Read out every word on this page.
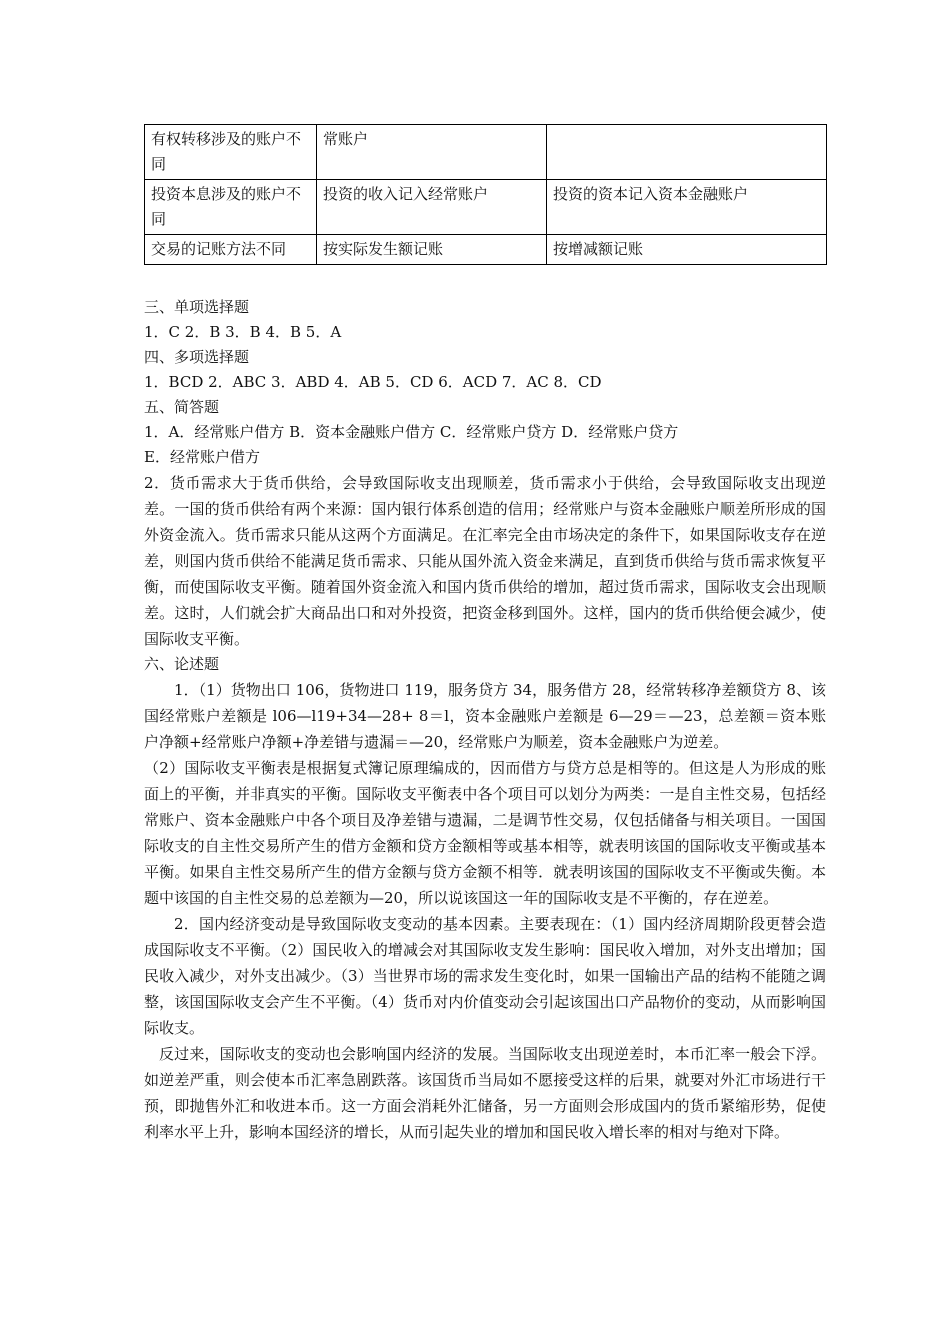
有权转移涉及的账户不同	常账户	
投资本息涉及的账户不同	投资的收入记入经常账户	投资的资本记入资本金融账户
交易的记账方法不同	按实际发生额记账	按增减额记账

三、单项选择题

1．C 2．B 3．B 4．B 5．A

四、多项选择题

1．BCD 2．ABC 3．ABD 4．AB 5．CD 6．ACD 7．AC 8．CD

五、简答题

1．A．经常账户借方 B．资本金融账户借方 C．经常账户贷方 D．经常账户贷方

E．经常账户借方

2．货币需求大于货币供给，会导致国际收支出现顺差，货币需求小于供给，会导致国际收支出现逆差。一国的货币供给有两个来源：国内银行体系创造的信用；经常账户与资本金融账户顺差所形成的国外资金流入。货币需求只能从这两个方面满足。在汇率完全由市场决定的条件下，如果国际收支存在逆差，则国内货币供给不能满足货币需求、只能从国外流入资金来满足，直到货币供给与货币需求恢复平衡，而使国际收支平衡。随着国外资金流入和国内货币供给的增加，超过货币需求，国际收支会出现顺差。这时，人们就会扩大商品出口和对外投资，把资金移到国外。这样，国内的货币供给便会减少，使国际收支平衡。

六、论述题

1．（1）货物出口 106，货物进口 119，服务贷方 34，服务借方 28，经常转移净差额贷方 8、该国经常账户差额是 l06—l19+34—28+ 8＝l，资本金融账户差额是 6—29＝—23，总差额＝资本账户净额+经常账户净额+净差错与遗漏＝—20，经常账户为顺差，资本金融账户为逆差。

（2）国际收支平衡表是根据复式簿记原理编成的，因而借方与贷方总是相等的。但这是人为形成的账面上的平衡，并非真实的平衡。国际收支平衡表中各个项目可以划分为两类：一是自主性交易，包括经常账户、资本金融账户中各个项目及净差错与遗漏，二是调节性交易，仅包括储备与相关项目。一国国际收支的自主性交易所产生的借方金额和贷方金额相等或基本相等，就表明该国的国际收支平衡或基本平衡。如果自主性交易所产生的借方金额与贷方金额不相等．就表明该国的国际收支不平衡或失衡。本题中该国的自主性交易的总差额为—20，所以说该国这一年的国际收支是不平衡的，存在逆差。

2．国内经济变动是导致国际收支变动的基本因素。主要表现在：（1）国内经济周期阶段更替会造成国际收支不平衡。（2）国民收入的增减会对其国际收支发生影响：国民收入增加，对外支出增加；国民收入减少，对外支出减少。（3）当世界市场的需求发生变化时，如果一国输出产品的结构不能随之调整，该国国际收支会产生不平衡。（4）货币对内价值变动会引起该国出口产品物价的变动，从而影响国际收支。

反过来，国际收支的变动也会影响国内经济的发展。当国际收支出现逆差时，本币汇率一般会下浮。如逆差严重，则会使本币汇率急剧跌落。该国货币当局如不愿接受这样的后果，就要对外汇市场进行干预，即抛售外汇和收进本币。这一方面会消耗外汇储备，另一方面则会形成国内的货币紧缩形势，促使利率水平上升，影响本国经济的增长，从而引起失业的增加和国民收入增长率的相对与绝对下降。
